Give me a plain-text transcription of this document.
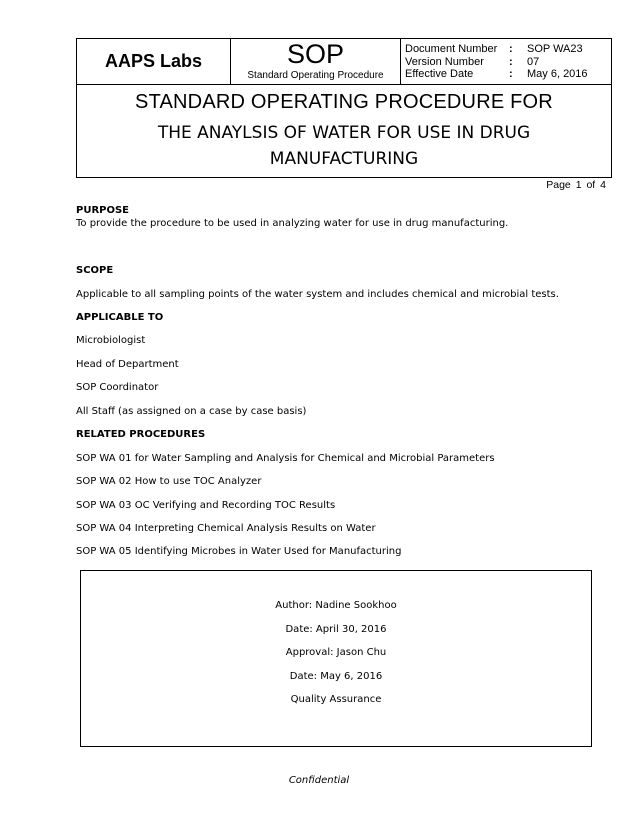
AAPS Labs	SOP
Standard Operating Procedure
Document Number : SOP WA23
Version Number : 07
Effective Date	: May 6, 2016
STANDARD OPERATING PROCEDURE FOR
THE ANAYLSIS OF WATER FOR USE IN DRUG
MANUFACTURING
Page 1 of 4
PURPOSE
To provide the procedure to be used in analyzing water for use in drug manufacturing.
SCOPE
Applicable to all sampling points of the water system and includes chemical and microbial tests.
APPLICABLE TO
Microbiologist
Head of Department
SOP Coordinator
All Staff (as assigned on a case by case basis)
RELATED PROCEDURES
SOP WA 01 for Water Sampling and Analysis for Chemical and Microbial Parameters
SOP WA 02 How to use TOC Analyzer
SOP WA 03 OC Verifying and Recording TOC Results
SOP WA 04 Interpreting Chemical Analysis Results on Water
SOP WA 05 Identifying Microbes in Water Used for Manufacturing
Author: Nadine Sookhoo
Date: April 30, 2016
Approval: Jason Chu
Date: May 6, 2016
Quality Assurance
Confidential
